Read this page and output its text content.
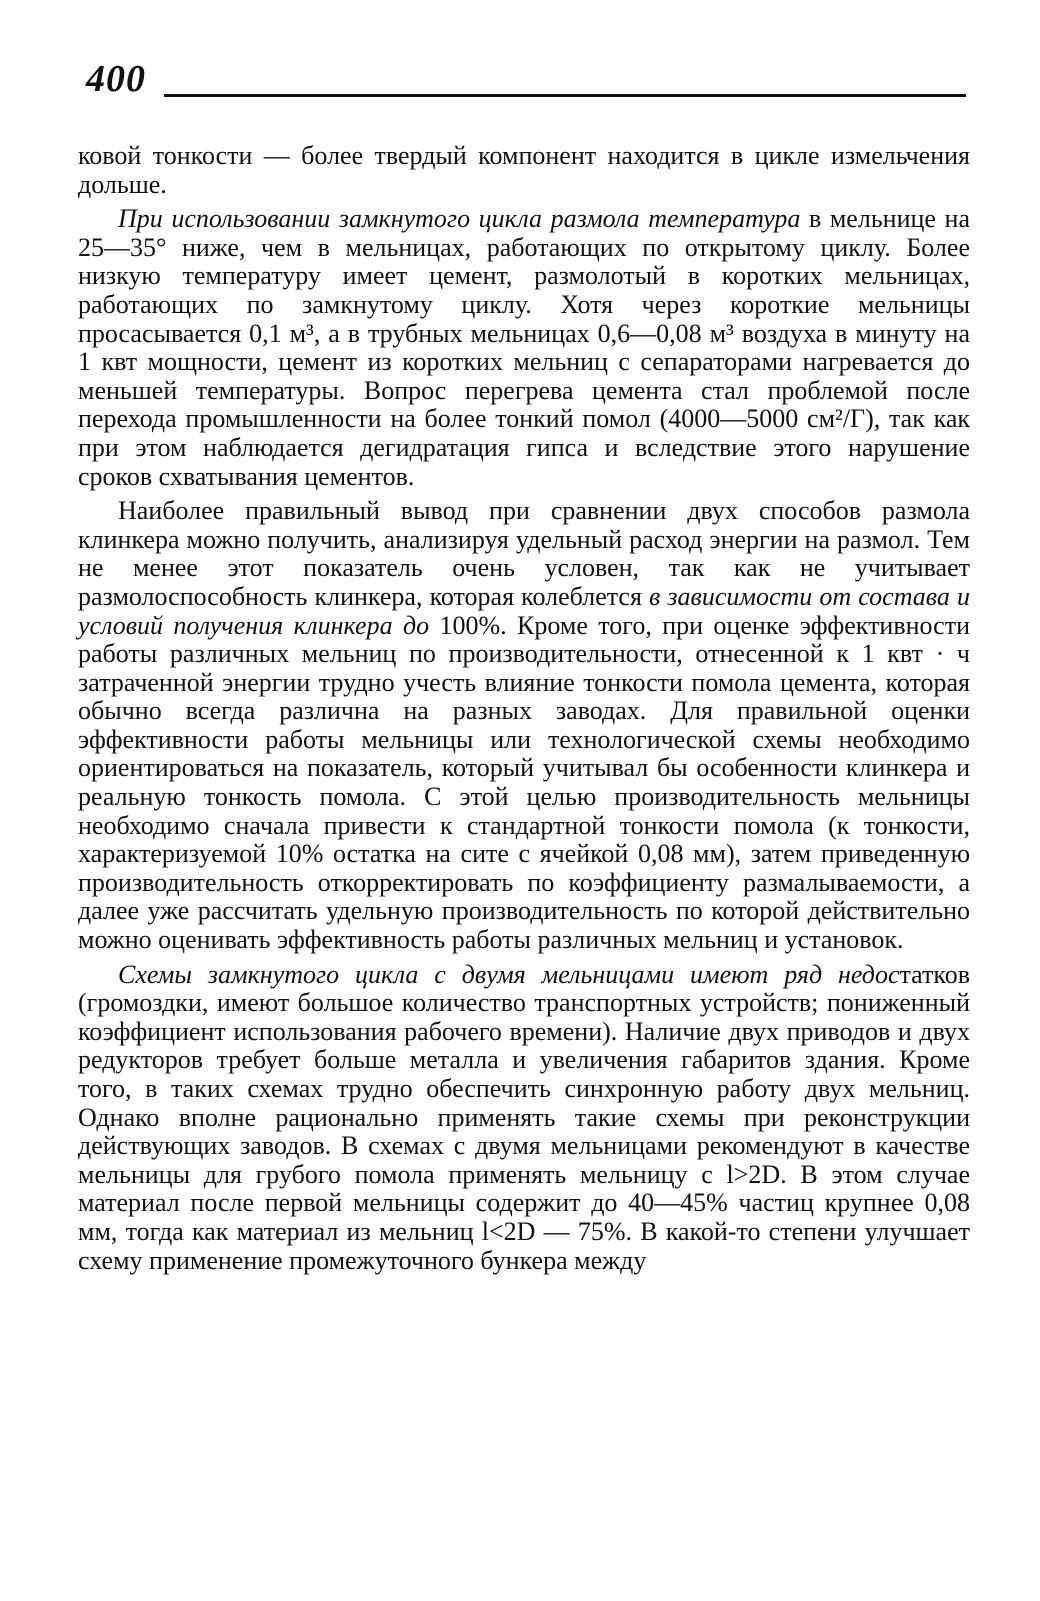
400

ковой тонкости — более твердый компонент находится в цикле измельчения дольше.

При использовании замкнутого цикла размола температура в мельнице на 25—35° ниже, чем в мельницах, работающих по открытому циклу. Более низкую температуру имеет цемент, размолотый в коротких мельницах, работающих по замкнутому циклу. Хотя через короткие мельницы просасывается 0,1 м³, а в трубных мельницах 0,6—0,08 м³ воздуха в минуту на 1 квт мощности, цемент из коротких мельниц с сепараторами нагревается до меньшей температуры. Вопрос перегрева цемента стал проблемой после перехода промышленности на более тонкий помол (4000—5000 см²/Г), так как при этом наблюдается дегидратация гипса и вследствие этого нарушение сроков схватывания цементов.

Наиболее правильный вывод при сравнении двух способов размола клинкера можно получить, анализируя удельный расход энергии на размол. Тем не менее этот показатель очень условен, так как не учитывает размолоспособность клинкера, которая колеблется в зависимости от состава и условий получения клинкера до 100%. Кроме того, при оценке эффективности работы различных мельниц по производительности, отнесенной к 1 квт · ч затраченной энергии трудно учесть влияние тонкости помола цемента, которая обычно всегда различна на разных заводах. Для правильной оценки эффективности работы мельницы или технологической схемы необходимо ориентироваться на показатель, который учитывал бы особенности клинкера и реальную тонкость помола. С этой целью производительность мельницы необходимо сначала привести к стандартной тонкости помола (к тонкости, характеризуемой 10% остатка на сите с ячейкой 0,08 мм), затем приведенную производительность откорректировать по коэффициенту размалываемости, а далее уже рассчитать удельную производительность по которой действительно можно оценивать эффективность работы различных мельниц и установок.

Схемы замкнутого цикла с двумя мельницами имеют ряд недостатков (громоздки, имеют большое количество транспортных устройств; пониженный коэффициент использования рабочего времени). Наличие двух приводов и двух редукторов требует больше металла и увеличения габаритов здания. Кроме того, в таких схемах трудно обеспечить синхронную работу двух мельниц. Однако вполне рационально применять такие схемы при реконструкции действующих заводов. В схемах с двумя мельницами рекомендуют в качестве мельницы для грубого помола применять мельницу с l>2D. В этом случае материал после первой мельницы содержит до 40—45% частиц крупнее 0,08 мм, тогда как материал из мельниц l<2D — 75%. В какой-то степени улучшает схему применение промежуточного бункера между
